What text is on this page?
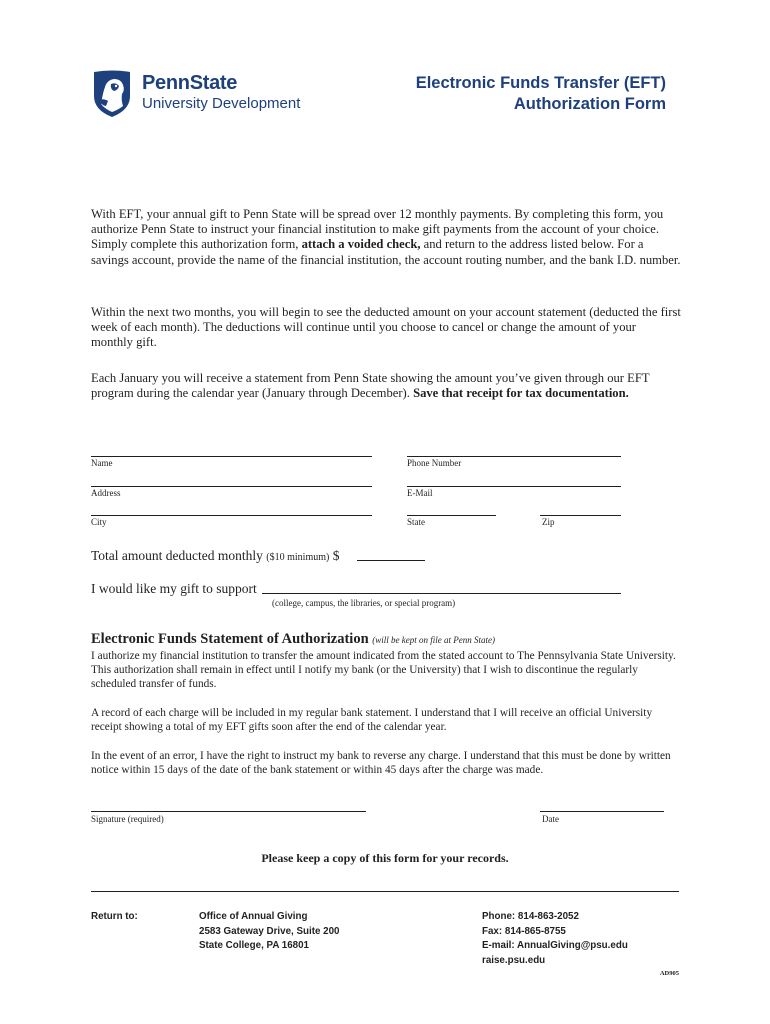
PennState
University Development
Electronic Funds Transfer (EFT)
Authorization Form
With EFT, your annual gift to Penn State will be spread over 12 monthly payments. By completing this form, you authorize Penn State to instruct your financial institution to make gift payments from the account of your choice. Simply complete this authorization form, attach a voided check, and return to the address listed below. For a savings account, provide the name of the financial institution, the account routing number, and the bank I.D. number.
Within the next two months, you will begin to see the deducted amount on your account statement (deducted the first week of each month). The deductions will continue until you choose to cancel or change the amount of your monthly gift.
Each January you will receive a statement from Penn State showing the amount you’ve given through our EFT program during the calendar year (January through December). Save that receipt for tax documentation.
Name	Phone Number
Address	E-Mail
City	State	Zip
Total amount deducted monthly ($10 minimum) $
I would like my gift to support
(college, campus, the libraries, or special program)
Electronic Funds Statement of Authorization (will be kept on file at Penn State)
I authorize my financial institution to transfer the amount indicated from the stated account to The Pennsylvania State University. This authorization shall remain in effect until I notify my bank (or the University) that I wish to discontinue the regularly scheduled transfer of funds.
A record of each charge will be included in my regular bank statement. I understand that I will receive an official University receipt showing a total of my EFT gifts soon after the end of the calendar year.
In the event of an error, I have the right to instruct my bank to reverse any charge. I understand that this must be done by written notice within 15 days of the date of the bank statement or within 45 days after the charge was made.
Signature (required)	Date
Please keep a copy of this form for your records.
Return to:	Office of Annual Giving
2583 Gateway Drive, Suite 200
State College, PA 16801
Phone: 814-863-2052
Fax: 814-865-8755
E-mail: AnnualGiving@psu.edu
raise.psu.edu
AD905
